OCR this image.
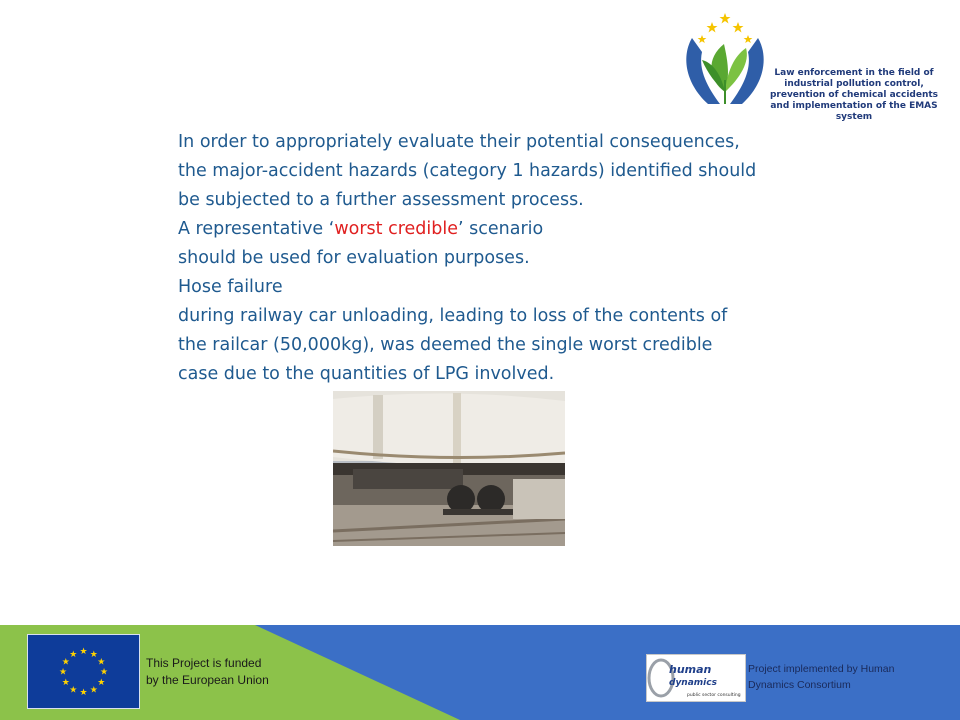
Law enforcement in the field of
industrial pollution control,
prevention of chemical accidents
and implementation of the EMAS system
In order to appropriately evaluate their potential consequences,
the major-accident hazards (category 1 hazards) identified should
be subjected to a further assessment process.
A representative ‘worst credible’ scenario
should be used for evaluation purposes.
Hose failure
during railway car unloading, leading to loss of the contents of
the railcar (50,000kg), was deemed the single worst credible
case due to the quantities of LPG involved.
★ ★
★
★
★
★
★
★
★
★
★
★
This Project is funded
by the European Union
human
dynamics
public sector consulting
Project implemented by Human
Dynamics Consortium
